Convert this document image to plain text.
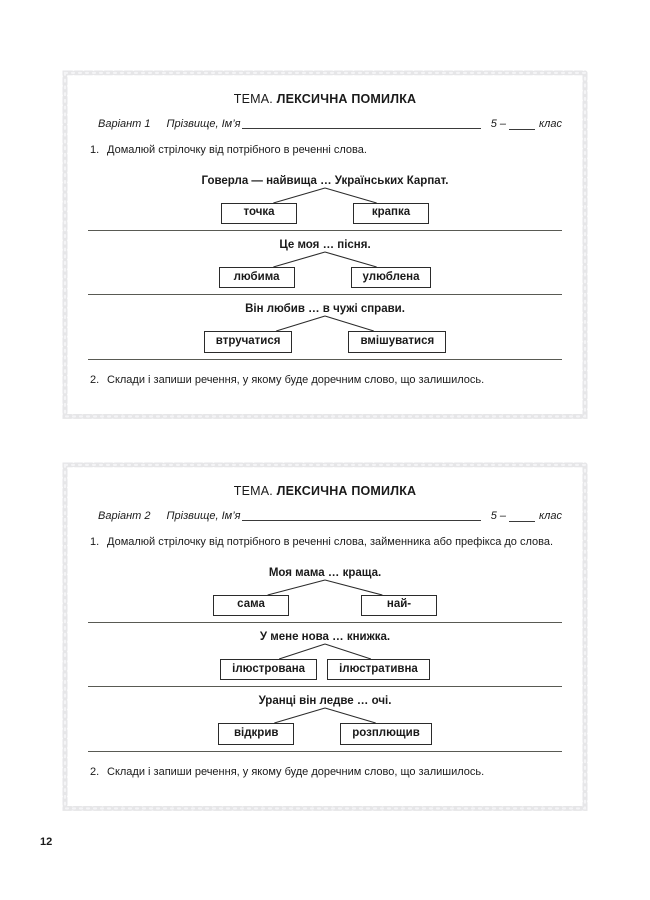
ТЕМА. ЛЕКСИЧНА ПОМИЛКА
Варіант 1 Прізвище, Ім’я	5 –	клас
1. Домалюй стрілочку від потрібного в реченні слова.
Говерла — найвища … Українських Карпат.
точка	крапка
Це моя … пісня.
любима	улюблена
Він любив … в чужі справи.
втручатися	вмішуватися
2. Склади і запиши речення, у якому буде доречним слово, що залишилось.
ТЕМА. ЛЕКСИЧНА ПОМИЛКА
Варіант 2 Прізвище, Ім’я	5 –	клас
1. Домалюй стрілочку від потрібного в реченні слова, займенника або префікса до слова.
Моя мама … краща.
сама	най-
У мене нова … книжка.
ілюстрована	ілюстративна
Уранці він ледве … очі.
відкрив	розплющив
2. Склади і запиши речення, у якому буде доречним слово, що залишилось.
12
